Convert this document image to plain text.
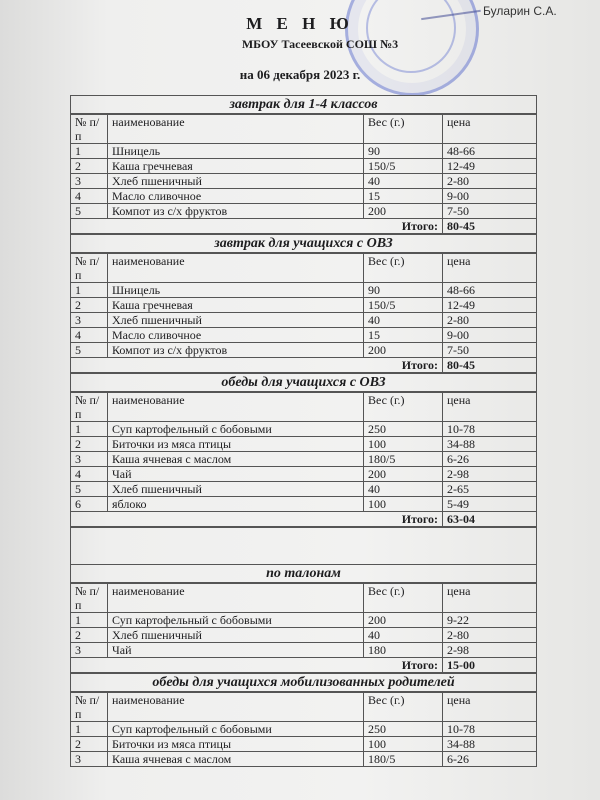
Буларин С.А.
М Е Н Ю
МБОУ Тасеевской СОШ №3
на 06 декабря 2023 г.
завтрак для 1-4 классов
№ п/п	наименование	Вес (г.)	цена
1	Шницель	90	48-66
2	Каша гречневая	150/5	12-49
3	Хлеб пшеничный	40	2-80
4	Масло сливочное	15	9-00
5	Компот из с/х фруктов	200	7-50
Итого:			80-45
завтрак для учащихся с ОВЗ
№ п/п	наименование	Вес (г.)	цена
1	Шницель	90	48-66
2	Каша гречневая	150/5	12-49
3	Хлеб пшеничный	40	2-80
4	Масло сливочное	15	9-00
5	Компот из с/х фруктов	200	7-50
Итого:			80-45
обеды для учащихся с ОВЗ
№ п/п	наименование	Вес (г.)	цена
1	Суп картофельный с бобовыми	250	10-78
2	Биточки из мяса птицы	100	34-88
3	Каша ячневая с маслом	180/5	6-26
4	Чай	200	2-98
5	Хлеб пшеничный	40	2-65
6	яблоко	100	5-49
Итого:			63-04
по талонам
№ п/п	наименование	Вес (г.)	цена
1	Суп картофельный с бобовыми	200	9-22
2	Хлеб пшеничный	40	2-80
3	Чай	180	2-98
Итого:			15-00
обеды для учащихся мобилизованных родителей
№ п/п	наименование	Вес (г.)	цена
1	Суп картофельный с бобовыми	250	10-78
2	Биточки из мяса птицы	100	34-88
3	Каша ячневая с маслом	180/5	6-26
